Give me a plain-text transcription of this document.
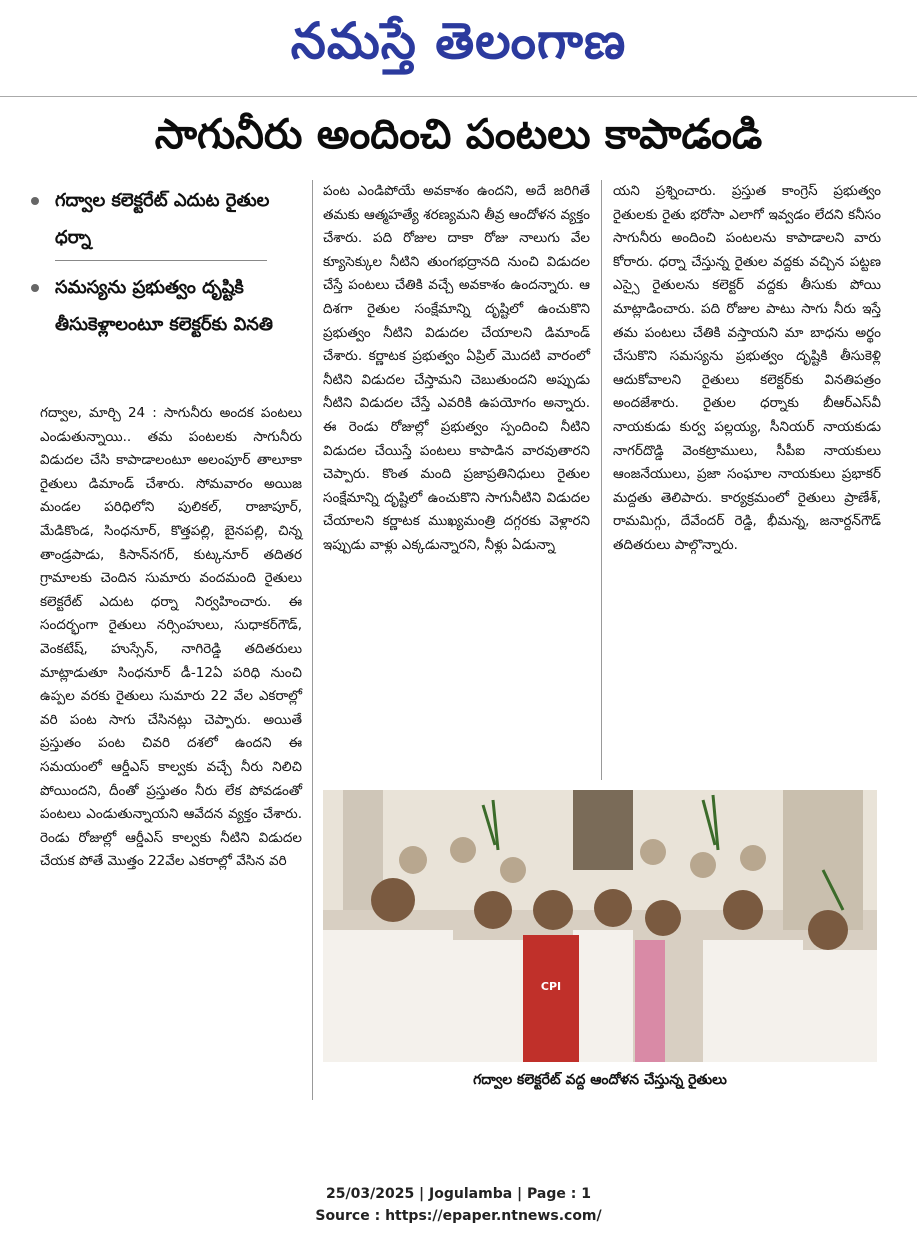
నమస్తే తెలంగాణ
సాగునీరు అందించి పంటలు కాపాడండి
గద్వాల కలెక్టరేట్ ఎదుట రైతుల ధర్నా
సమస్యను ప్రభుత్వం దృష్టికి తీసుకెళ్లాలంటూ కలెక్టర్‌కు వినతి
గద్వాల, మార్చి 24 : సాగునీరు అందక పంటలు ఎండుతున్నాయి.. తమ పంటలకు సాగునీరు విడుదల చేసి కాపాడాలంటూ అలంపూర్ తాలూకా రైతులు డిమాండ్ చేశారు. సోమవారం అయిజ మండల పరిధిలోని పులికల్, రాజాపూర్, మేడికొండ, సింధనూర్, కొత్తపల్లి, బైనపల్లి, చిన్న తాండ్రపాడు, కిసాన్‌నగర్, కుట్కనూర్ తదితర గ్రామాలకు చెందిన సుమారు వందమంది రైతులు కలెక్టరేట్ ఎదుట ధర్నా నిర్వహించారు. ఈ సందర్భంగా రైతులు నర్సింహులు, సుధాకర్‌గౌడ్, వెంకటేష్, హుస్సేన్, నాగిరెడ్డి తదితరులు మాట్లాడుతూ సింధనూర్ డీ-12ఏ పరిధి నుంచి ఉప్పల వరకు రైతులు సుమారు 22 వేల ఎకరాల్లో వరి పంట సాగు చేసినట్లు చెప్పారు. అయితే ప్రస్తుతం పంట చివరి దశలో ఉందని ఈ సమయంలో ఆర్డీఎస్ కాల్వకు వచ్చే నీరు నిలిచి పోయిందని, దీంతో ప్రస్తుతం నీరు లేక పోవడంతో పంటలు ఎండుతున్నాయని ఆవేదన వ్యక్తం చేశారు. రెండు రోజుల్లో ఆర్డీఎస్ కాల్వకు నీటిని విడుదల చేయక పోతే మొత్తం 22వేల ఎకరాల్లో వేసిన వరి
పంట ఎండిపోయే అవకాశం ఉందని, అదే జరిగితే తమకు ఆత్మహత్యే శరణ్యమని తీవ్ర ఆందోళన వ్యక్తం చేశారు. పది రోజుల దాకా రోజు నాలుగు వేల క్యూసెక్కుల నీటిని తుంగభద్రానది నుంచి విడుదల చేస్తే పంటలు చేతికి వచ్చే అవకాశం ఉందన్నారు. ఆ దిశగా రైతుల సంక్షేమాన్ని దృష్టిలో ఉంచుకొని ప్రభుత్వం నీటిని విడుదల చేయాలని డిమాండ్ చేశారు. కర్ణాటక ప్రభుత్వం ఏప్రిల్ మొదటి వారంలో నీటిని విడుదల చేస్తామని చెబుతుందని అప్పుడు నీటిని విడుదల చేస్తే ఎవరికి ఉపయోగం అన్నారు. ఈ రెండు రోజుల్లో ప్రభుత్వం స్పందించి నీటిని విడుదల చేయిస్తే పంటలు కాపాడిన వారవుతారని చెప్పారు. కొంత మంది ప్రజాప్రతినిధులు రైతుల సంక్షేమాన్ని దృష్టిలో ఉంచుకొని సాగునీటిని విడుదల చేయాలని కర్ణాటక ముఖ్యమంత్రి దగ్గరకు వెళ్లారని ఇప్పుడు వాళ్లు ఎక్కడున్నారని, నీళ్లు ఏడున్నా
యని ప్రశ్నించారు. ప్రస్తుత కాంగ్రెస్ ప్రభుత్వం రైతులకు రైతు భరోసా ఎలాగో ఇవ్వడం లేదని కనీసం సాగునీరు అందించి పంటలను కాపాడాలని వారు కోరారు. ధర్నా చేస్తున్న రైతుల వద్దకు వచ్చిన పట్టణ ఎస్సై రైతులను కలెక్టర్ వద్దకు తీసుకు పోయి మాట్లాడించారు. పది రోజుల పాటు సాగు నీరు ఇస్తే తమ పంటలు చేతికి వస్తాయని మా బాధను అర్థం చేసుకొని సమస్యను ప్రభుత్వం దృష్టికి తీసుకెళ్లి ఆదుకోవాలని రైతులు కలెక్టర్‌కు వినతిపత్రం అందజేశారు. రైతుల ధర్నాకు బీఆర్‌ఎస్‌వీ నాయకుడు కుర్వ పల్లయ్య, సీనియర్ నాయకుడు నాగర్‌దొడ్డి వెంకట్రాములు, సీపీఐ నాయకులు ఆంజనేయులు, ప్రజా సంఘాల నాయకులు ప్రభాకర్ మద్దతు తెలిపారు. కార్యక్రమంలో రైతులు ప్రాణేశ్, రామమిగ్గు, దేవేందర్ రెడ్డి, భీమన్న, జనార్దన్‌గౌడ్ తదితరులు పాల్గొన్నారు.
CPI
గద్వాల కలెక్టరేట్ వద్ద ఆందోళన చేస్తున్న రైతులు
25/03/2025 | Jogulamba | Page : 1
Source : https://epaper.ntnews.com/
